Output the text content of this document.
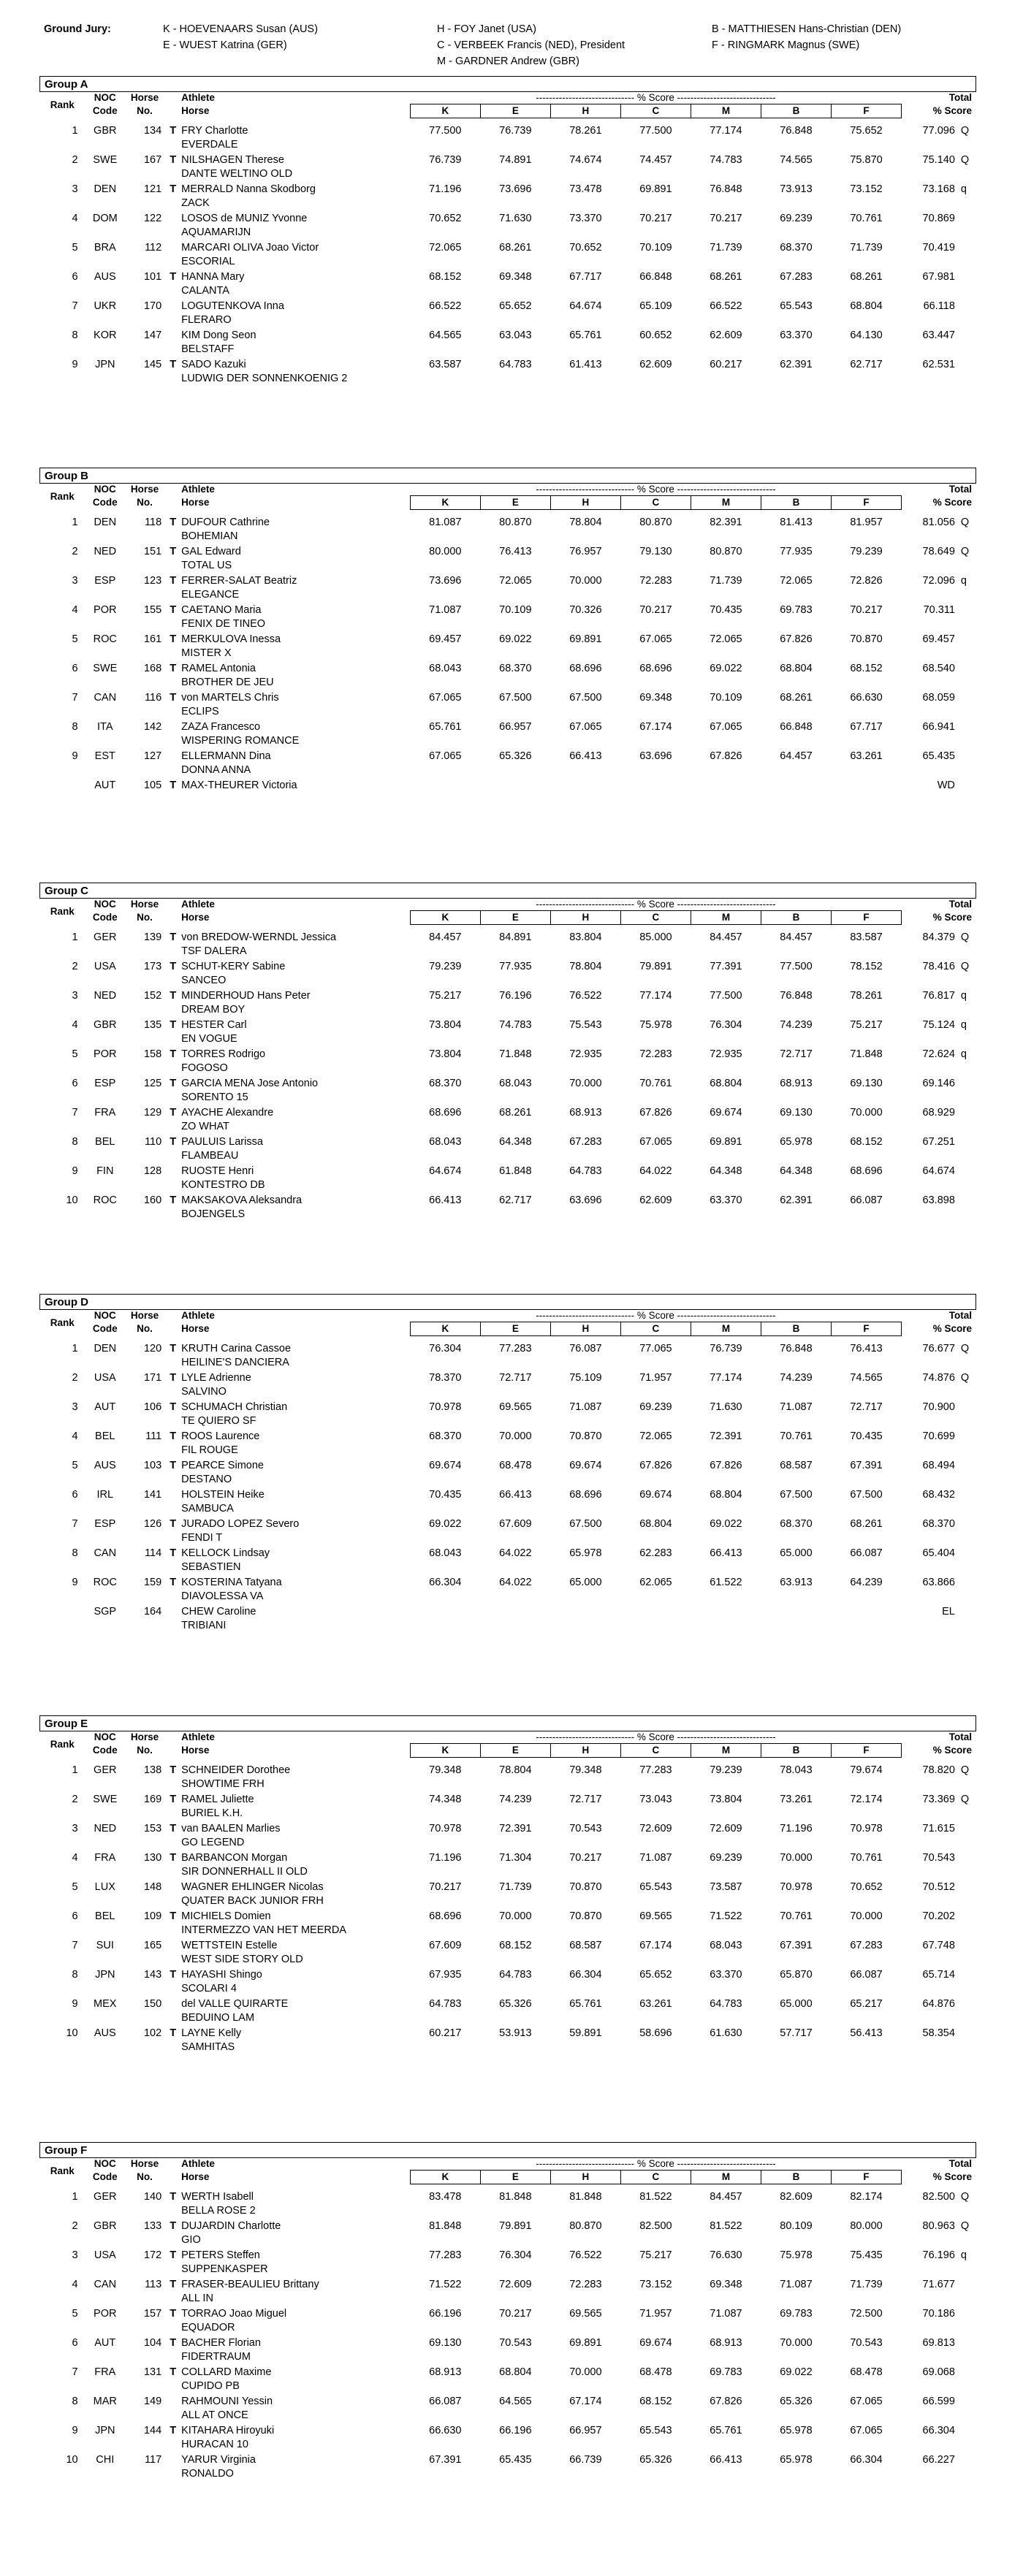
Ground Jury:	K - HOEVENAARS Susan (AUS)
E - WUEST Katrina (GER)
H - FOY Janet (USA)
C - VERBEEK Francis (NED), President
M - GARDNER Andrew (GBR)
B - MATTHIESEN Hans-Christian (DEN)
F - RINGMARK Magnus (SWE)
Group A
Rank	NOC	Horse		Athlete	------------------------------ % Score ------------------------------							Total	
	Code	No.		Horse	K	E	H	C	M	B	F	% Score	
1	GBR	134	T	FRY Charlotte
EVERDALE	77.500	76.739	78.261	77.500	77.174	76.848	75.652	77.096	Q
2	SWE	167	T	NILSHAGEN Therese
DANTE WELTINO OLD	76.739	74.891	74.674	74.457	74.783	74.565	75.870	75.140	Q
3	DEN	121	T	MERRALD Nanna Skodborg
ZACK	71.196	73.696	73.478	69.891	76.848	73.913	73.152	73.168	q
4	DOM	122		LOSOS de MUNIZ Yvonne
AQUAMARIJN	70.652	71.630	73.370	70.217	70.217	69.239	70.761	70.869	
5	BRA	112		MARCARI OLIVA Joao Victor
ESCORIAL	72.065	68.261	70.652	70.109	71.739	68.370	71.739	70.419	
6	AUS	101	T	HANNA Mary
CALANTA	68.152	69.348	67.717	66.848	68.261	67.283	68.261	67.981	
7	UKR	170		LOGUTENKOVA Inna
FLERARO	66.522	65.652	64.674	65.109	66.522	65.543	68.804	66.118	
8	KOR	147		KIM Dong Seon
BELSTAFF	64.565	63.043	65.761	60.652	62.609	63.370	64.130	63.447	
9	JPN	145	T	SADO Kazuki
LUDWIG DER SONNENKOENIG 2	63.587	64.783	61.413	62.609	60.217	62.391	62.717	62.531	
Group B
Rank	NOC	Horse		Athlete	------------------------------ % Score ------------------------------							Total	
	Code	No.		Horse	K	E	H	C	M	B	F	% Score	
1	DEN	118	T	DUFOUR Cathrine
BOHEMIAN	81.087	80.870	78.804	80.870	82.391	81.413	81.957	81.056	Q
2	NED	151	T	GAL Edward
TOTAL US	80.000	76.413	76.957	79.130	80.870	77.935	79.239	78.649	Q
3	ESP	123	T	FERRER-SALAT Beatriz
ELEGANCE	73.696	72.065	70.000	72.283	71.739	72.065	72.826	72.096	q
4	POR	155	T	CAETANO Maria
FENIX DE TINEO	71.087	70.109	70.326	70.217	70.435	69.783	70.217	70.311	
5	ROC	161	T	MERKULOVA Inessa
MISTER X	69.457	69.022	69.891	67.065	72.065	67.826	70.870	69.457	
6	SWE	168	T	RAMEL Antonia
BROTHER DE JEU	68.043	68.370	68.696	68.696	69.022	68.804	68.152	68.540	
7	CAN	116	T	von MARTELS Chris
ECLIPS	67.065	67.500	67.500	69.348	70.109	68.261	66.630	68.059	
8	ITA	142		ZAZA Francesco
WISPERING ROMANCE	65.761	66.957	67.065	67.174	67.065	66.848	67.717	66.941	
9	EST	127		ELLERMANN Dina
DONNA ANNA	67.065	65.326	66.413	63.696	67.826	64.457	63.261	65.435	
	AUT	105	T	MAX-THEURER Victoria								WD	
Group C
Rank	NOC	Horse		Athlete	------------------------------ % Score ------------------------------							Total	
	Code	No.		Horse	K	E	H	C	M	B	F	% Score	
1	GER	139	T	von BREDOW-WERNDL Jessica
TSF DALERA	84.457	84.891	83.804	85.000	84.457	84.457	83.587	84.379	Q
2	USA	173	T	SCHUT-KERY Sabine
SANCEO	79.239	77.935	78.804	79.891	77.391	77.500	78.152	78.416	Q
3	NED	152	T	MINDERHOUD Hans Peter
DREAM BOY	75.217	76.196	76.522	77.174	77.500	76.848	78.261	76.817	q
4	GBR	135	T	HESTER Carl
EN VOGUE	73.804	74.783	75.543	75.978	76.304	74.239	75.217	75.124	q
5	POR	158	T	TORRES Rodrigo
FOGOSO	73.804	71.848	72.935	72.283	72.935	72.717	71.848	72.624	q
6	ESP	125	T	GARCIA MENA Jose Antonio
SORENTO 15	68.370	68.043	70.000	70.761	68.804	68.913	69.130	69.146	
7	FRA	129	T	AYACHE Alexandre
ZO WHAT	68.696	68.261	68.913	67.826	69.674	69.130	70.000	68.929	
8	BEL	110	T	PAULUIS Larissa
FLAMBEAU	68.043	64.348	67.283	67.065	69.891	65.978	68.152	67.251	
9	FIN	128		RUOSTE Henri
KONTESTRO DB	64.674	61.848	64.783	64.022	64.348	64.348	68.696	64.674	
10	ROC	160	T	MAKSAKOVA Aleksandra
BOJENGELS	66.413	62.717	63.696	62.609	63.370	62.391	66.087	63.898	
Group D
Rank	NOC	Horse		Athlete	------------------------------ % Score ------------------------------							Total	
	Code	No.		Horse	K	E	H	C	M	B	F	% Score	
1	DEN	120	T	KRUTH Carina Cassoe
HEILINE'S DANCIERA	76.304	77.283	76.087	77.065	76.739	76.848	76.413	76.677	Q
2	USA	171	T	LYLE Adrienne
SALVINO	78.370	72.717	75.109	71.957	77.174	74.239	74.565	74.876	Q
3	AUT	106	T	SCHUMACH Christian
TE QUIERO SF	70.978	69.565	71.087	69.239	71.630	71.087	72.717	70.900	
4	BEL	111	T	ROOS Laurence
FIL ROUGE	68.370	70.000	70.870	72.065	72.391	70.761	70.435	70.699	
5	AUS	103	T	PEARCE Simone
DESTANO	69.674	68.478	69.674	67.826	67.826	68.587	67.391	68.494	
6	IRL	141		HOLSTEIN Heike
SAMBUCA	70.435	66.413	68.696	69.674	68.804	67.500	67.500	68.432	
7	ESP	126	T	JURADO LOPEZ Severo
FENDI T	69.022	67.609	67.500	68.804	69.022	68.370	68.261	68.370	
8	CAN	114	T	KELLOCK Lindsay
SEBASTIEN	68.043	64.022	65.978	62.283	66.413	65.000	66.087	65.404	
9	ROC	159	T	KOSTERINA Tatyana
DIAVOLESSA VA	66.304	64.022	65.000	62.065	61.522	63.913	64.239	63.866	
	SGP	164		CHEW Caroline
TRIBIANI								EL	
Group E
Rank	NOC	Horse		Athlete	------------------------------ % Score ------------------------------							Total	
	Code	No.		Horse	K	E	H	C	M	B	F	% Score	
1	GER	138	T	SCHNEIDER Dorothee
SHOWTIME FRH	79.348	78.804	79.348	77.283	79.239	78.043	79.674	78.820	Q
2	SWE	169	T	RAMEL Juliette
BURIEL K.H.	74.348	74.239	72.717	73.043	73.804	73.261	72.174	73.369	Q
3	NED	153	T	van BAALEN Marlies
GO LEGEND	70.978	72.391	70.543	72.609	72.609	71.196	70.978	71.615	
4	FRA	130	T	BARBANCON Morgan
SIR DONNERHALL II OLD	71.196	71.304	70.217	71.087	69.239	70.000	70.761	70.543	
5	LUX	148		WAGNER EHLINGER Nicolas
QUATER BACK JUNIOR FRH	70.217	71.739	70.870	65.543	73.587	70.978	70.652	70.512	
6	BEL	109	T	MICHIELS Domien
INTERMEZZO VAN HET MEERDA	68.696	70.000	70.870	69.565	71.522	70.761	70.000	70.202	
7	SUI	165		WETTSTEIN Estelle
WEST SIDE STORY OLD	67.609	68.152	68.587	67.174	68.043	67.391	67.283	67.748	
8	JPN	143	T	HAYASHI Shingo
SCOLARI 4	67.935	64.783	66.304	65.652	63.370	65.870	66.087	65.714	
9	MEX	150		del VALLE QUIRARTE
BEDUINO LAM	64.783	65.326	65.761	63.261	64.783	65.000	65.217	64.876	
10	AUS	102	T	LAYNE Kelly
SAMHITAS	60.217	53.913	59.891	58.696	61.630	57.717	56.413	58.354	
Group F
Rank	NOC	Horse		Athlete	------------------------------ % Score ------------------------------							Total	
	Code	No.		Horse	K	E	H	C	M	B	F	% Score	
1	GER	140	T	WERTH Isabell
BELLA ROSE 2	83.478	81.848	81.848	81.522	84.457	82.609	82.174	82.500	Q
2	GBR	133	T	DUJARDIN Charlotte
GIO	81.848	79.891	80.870	82.500	81.522	80.109	80.000	80.963	Q
3	USA	172	T	PETERS Steffen
SUPPENKASPER	77.283	76.304	76.522	75.217	76.630	75.978	75.435	76.196	q
4	CAN	113	T	FRASER-BEAULIEU Brittany
ALL IN	71.522	72.609	72.283	73.152	69.348	71.087	71.739	71.677	
5	POR	157	T	TORRAO Joao Miguel
EQUADOR	66.196	70.217	69.565	71.957	71.087	69.783	72.500	70.186	
6	AUT	104	T	BACHER Florian
FIDERTRAUM	69.130	70.543	69.891	69.674	68.913	70.000	70.543	69.813	
7	FRA	131	T	COLLARD Maxime
CUPIDO PB	68.913	68.804	70.000	68.478	69.783	69.022	68.478	69.068	
8	MAR	149		RAHMOUNI Yessin
ALL AT ONCE	66.087	64.565	67.174	68.152	67.826	65.326	67.065	66.599	
9	JPN	144	T	KITAHARA Hiroyuki
HURACAN 10	66.630	66.196	66.957	65.543	65.761	65.978	67.065	66.304	
10	CHI	117		YARUR Virginia
RONALDO	67.391	65.435	66.739	65.326	66.413	65.978	66.304	66.227	
